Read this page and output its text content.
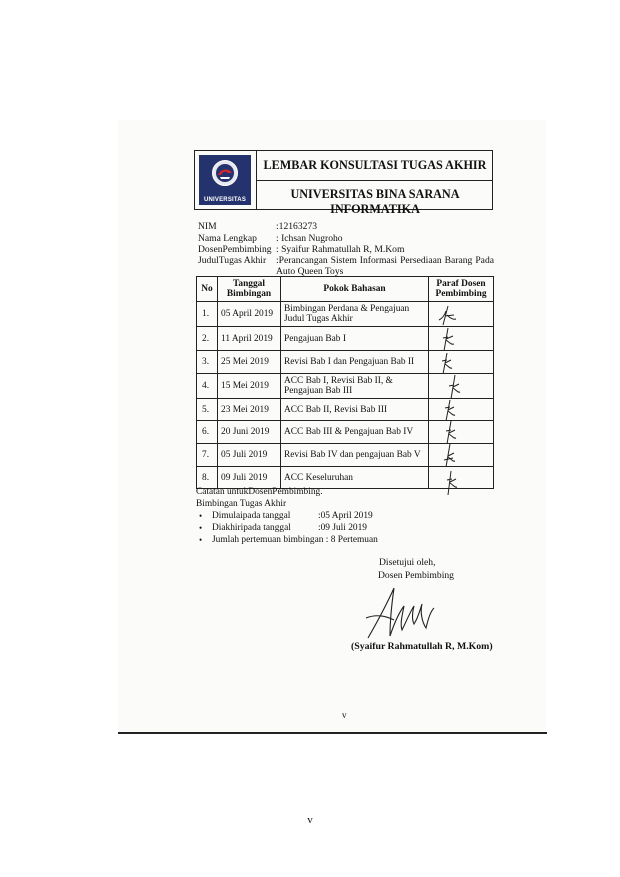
UNIVERSITAS
LEMBAR KONSULTASI TUGAS AKHIR
UNIVERSITAS BINA SARANA INFORMATIKA
NIM	:12163273
Nama Lengkap : Ichsan Nugroho
DosenPembimbing : Syaifur Rahmatullah R, M.Kom
JudulTugas Akhir :Perancangan Sistem Informasi Persediaan Barang Pada Auto Queen Toys
No	Tanggal Bimbingan	Pokok Bahasan	Paraf Dosen Pembimbing
1.	05 April 2019	Bimbingan Perdana & Pengajuan Judul Tugas Akhir	

2.	11 April 2019	Pengajuan Bab I	

3.	25 Mei 2019	Revisi Bab I dan Pengajuan Bab II	

4.	15 Mei 2019	ACC Bab I, Revisi Bab II, & Pengajuan Bab III	

5.	23 Mei 2019	ACC Bab II, Revisi Bab III	

6.	20 Juni 2019	ACC Bab III & Pengajuan Bab IV	

7.	05 Juli 2019	Revisi Bab IV dan pengajuan Bab V	

8.	09 Juli 2019	ACC Keseluruhan	
Catatan untukDosenPembimbing.
Bimbingan Tugas Akhir
• Dimulaipada tanggal	:05 April 2019
• Diakhiripada tanggal	:09 Juli 2019
• Jumlah pertemuan bimbingan : 8 Pertemuan
Disetujui oleh,
Dosen Pembimbing
(Syaifur Rahmatullah R, M.Kom)
v
v
